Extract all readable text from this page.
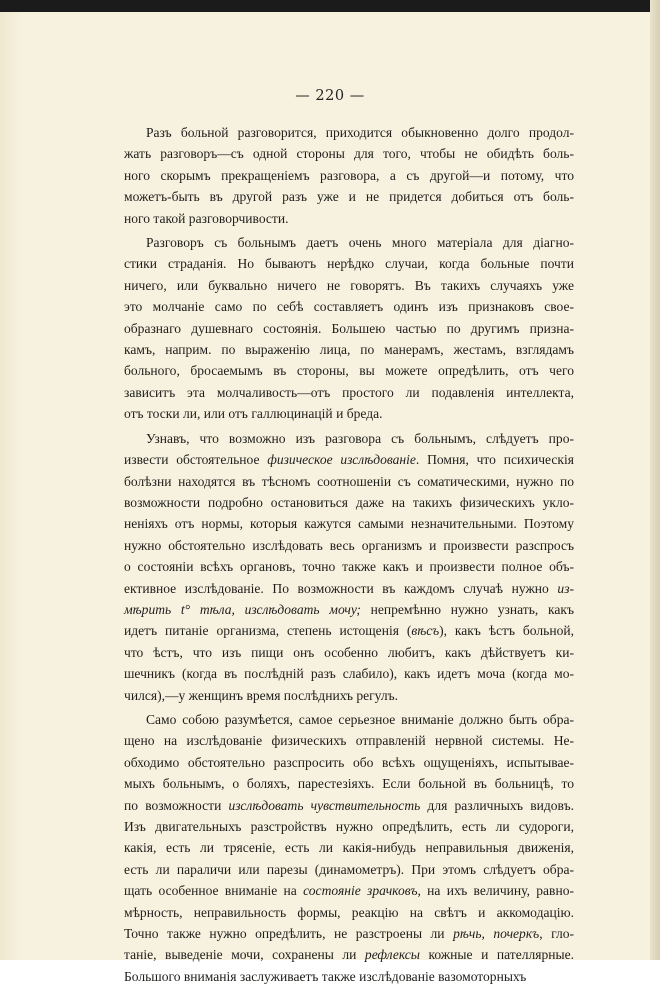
— 220 —
Разъ больной разговорится, приходится обыкновенно долго продол-
жать разговоръ—съ одной стороны для того, чтобы не обидѣть боль-
ного скорымъ прекращеніемъ разговора, а съ другой—и потому, что
можетъ-быть въ другой разъ уже и не придется добиться отъ боль-
ного такой разговорчивости.
Разговоръ съ больнымъ даетъ очень много матеріала для діагно-
стики страданія. Но бываютъ нерѣдко случаи, когда больные почти
ничего, или буквально ничего не говорятъ. Въ такихъ случаяхъ уже
это молчаніе само по себѣ составляетъ одинъ изъ признаковъ свое-
образнаго душевнаго состоянія. Большею частью по другимъ призна-
камъ, наприм. по выраженію лица, по манерамъ, жестамъ, взглядамъ
больного, бросаемымъ въ стороны, вы можете опредѣлить, отъ чего
зависитъ эта молчаливость—отъ простого ли подавленія интеллекта,
отъ тоски ли, или отъ галлюцинацій и бреда.
Узнавъ, что возможно изъ разговора съ больнымъ, слѣдуетъ про-
извести обстоятельное физическое изслѣдованіе. Помня, что психическія
болѣзни находятся въ тѣсномъ соотношеніи съ соматическими, нужно по
возможности подробно остановиться даже на такихъ физическихъ укло-
неніяхъ отъ нормы, которыя кажутся самыми незначительными. Поэтому
нужно обстоятельно изслѣдовать весь организмъ и произвести разспросъ
о состояніи всѣхъ органовъ, точно также какъ и произвести полное объ-
ективное изслѣдованіе. По возможности въ каждомъ случаѣ нужно из-
мѣрить t° тѣла, изслѣдовать мочу; непремѣнно нужно узнать, какъ
идетъ питаніе организма, степень истощенія (вѣсъ), какъ ѣстъ больной,
что ѣстъ, что изъ пищи онъ особенно любитъ, какъ дѣйствуетъ ки-
шечникъ (когда въ послѣдній разъ слабило), какъ идетъ моча (когда мо-
чился),—у женщинъ время послѣднихъ регулъ.
Само собою разумѣется, самое серьезное вниманіе должно быть обра-
щено на изслѣдованіе физическихъ отправленій нервной системы. Не-
обходимо обстоятельно разспросить обо всѣхъ ощущеніяхъ, испытывае-
мыхъ больнымъ, о боляхъ, парестезіяхъ. Если больной въ больницѣ, то
по возможности изслѣдовать чувствительность для различныхъ видовъ.
Изъ двигательныхъ разстройствъ нужно опредѣлить, есть ли судороги,
какія, есть ли трясеніе, есть ли какія-нибудь неправильныя движенія,
есть ли параличи или парезы (динамометръ). При этомъ слѣдуетъ обра-
щать особенное вниманіе на состояніе зрачковъ, на ихъ величину, равно-
мѣрность, неправильность формы, реакцію на свѣтъ и аккомодацію.
Точно также нужно опредѣлить, не разстроены ли рѣчь, почеркъ, гло-
таніе, выведеніе мочи, сохранены ли рефлексы кожные и пателлярные.
Большого вниманія заслуживаетъ также изслѣдованіе вазомоторныхъ
